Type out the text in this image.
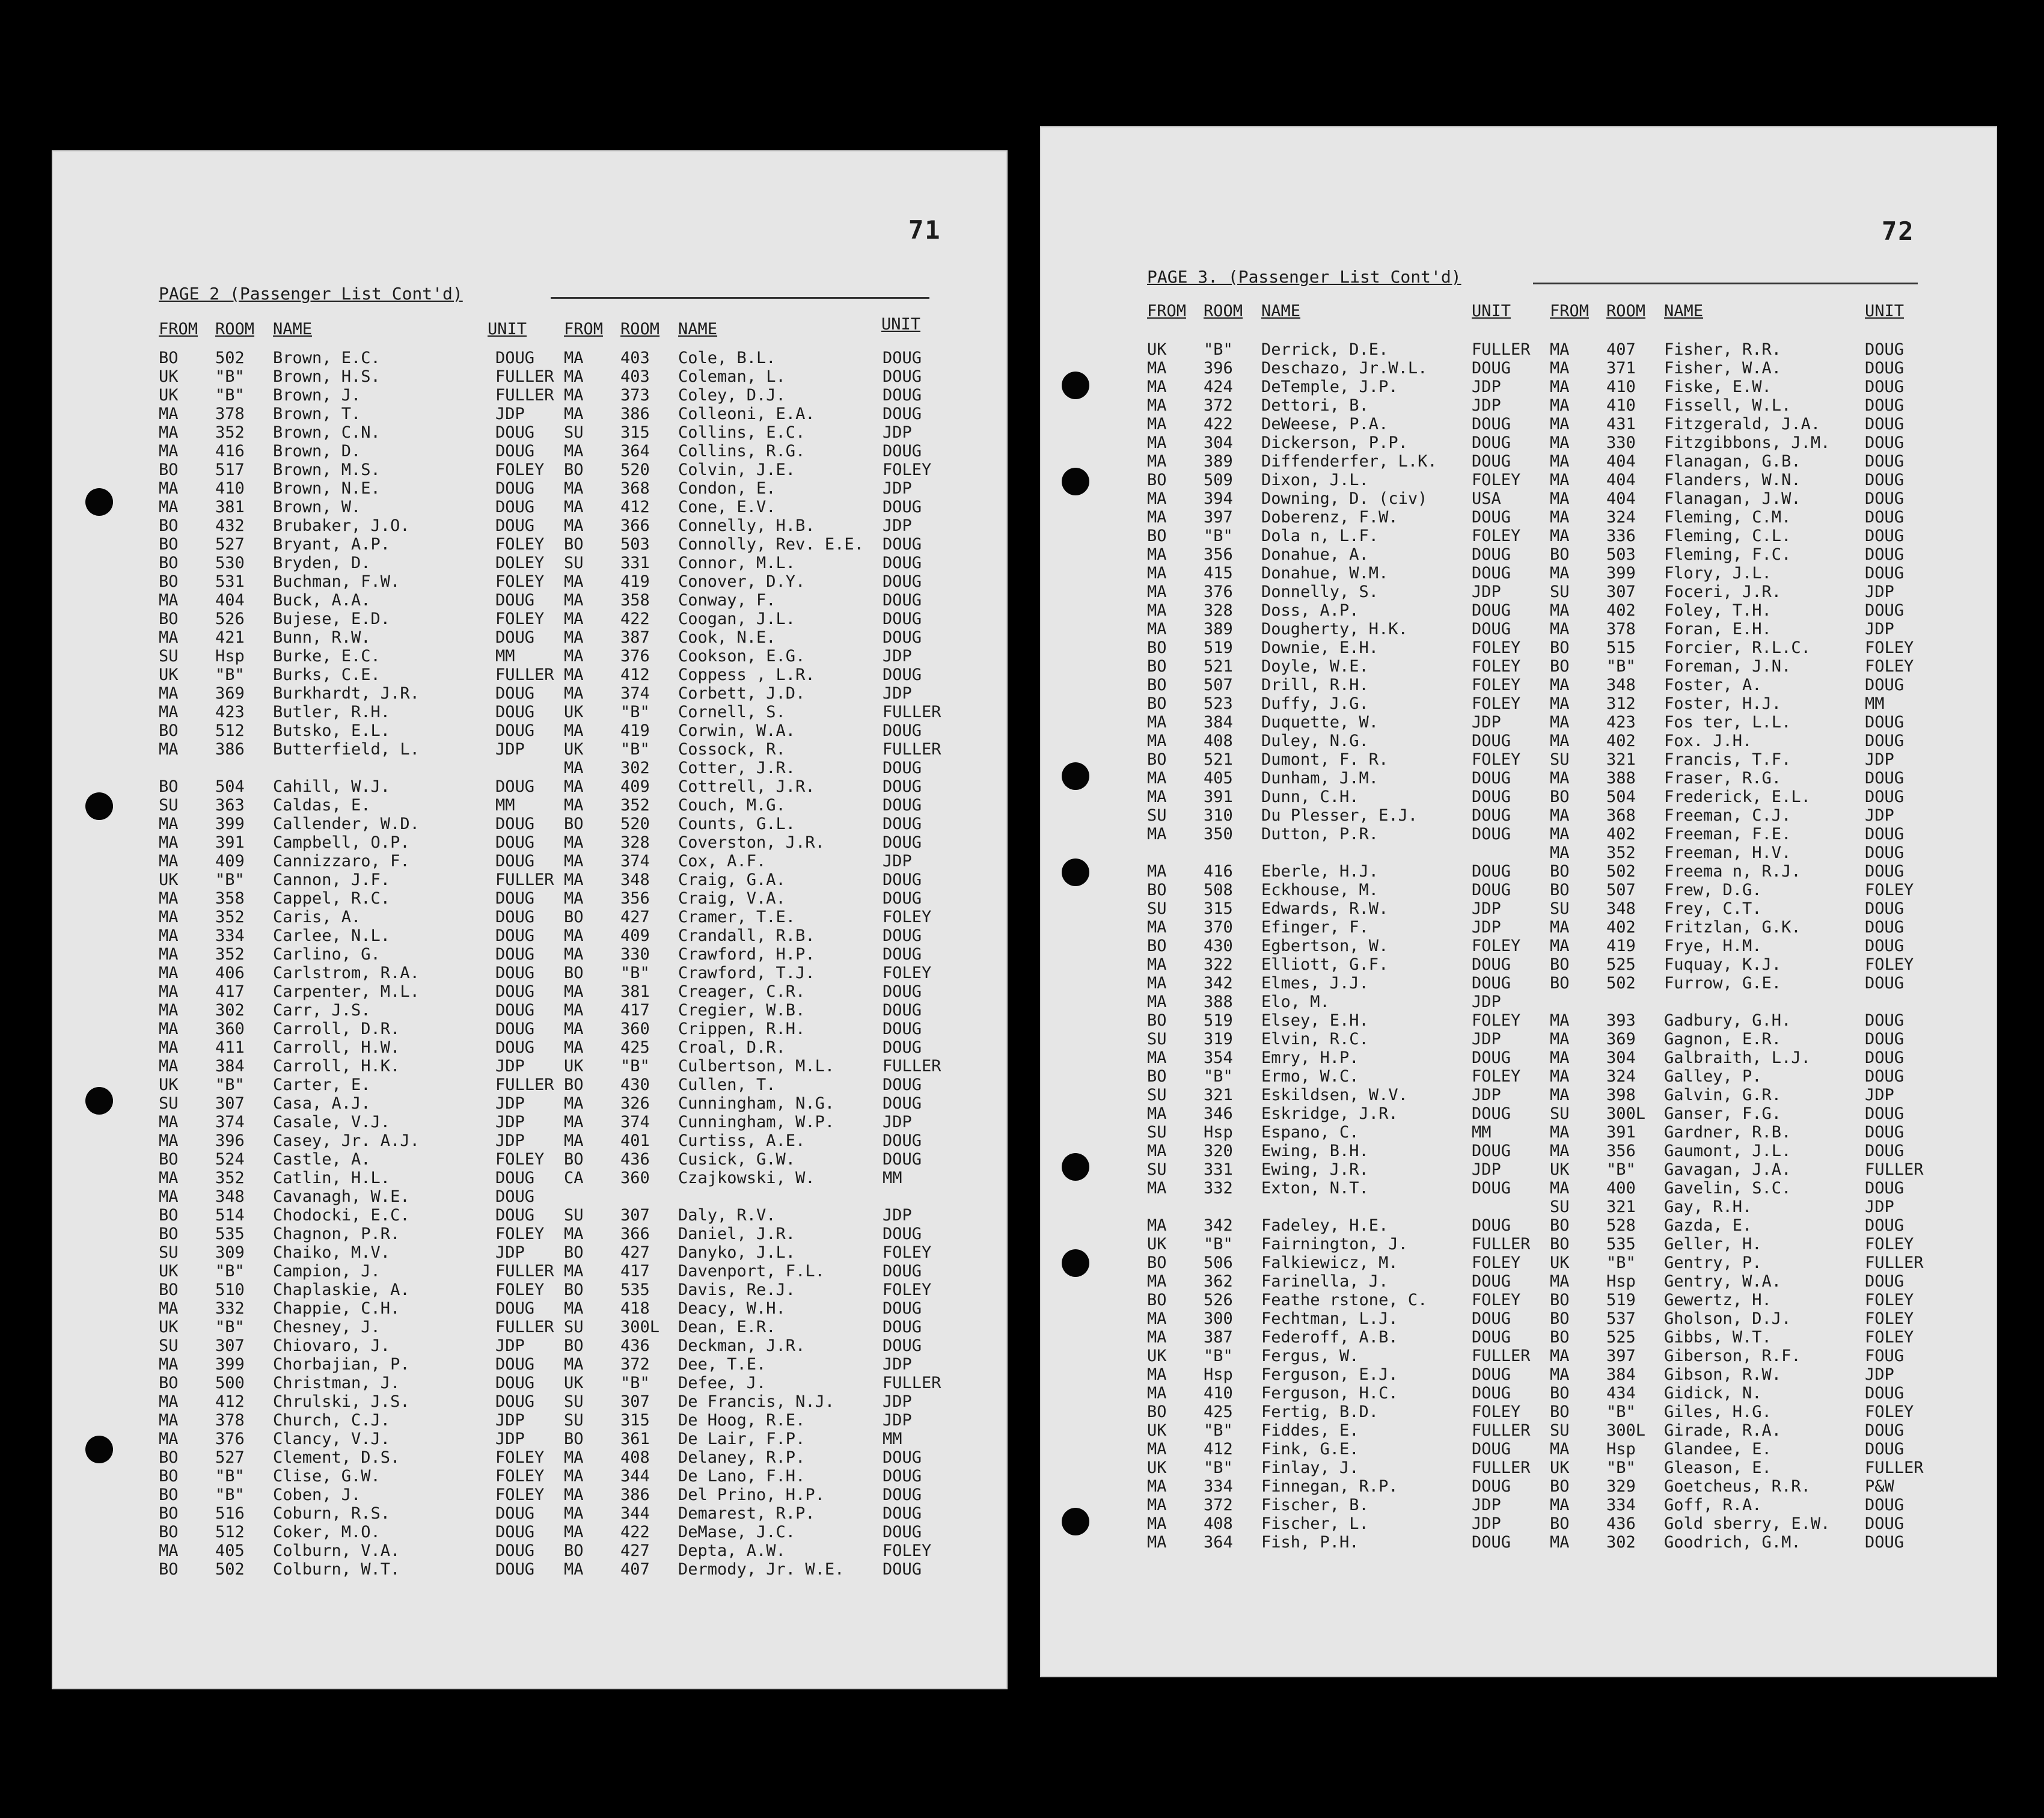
71
PAGE 2 (Passenger List Cont'd)
FROM ROOM NAME	UNIT FROM ROOM NAME	UNIT
BO 502 Brown, E.C.	DOUG MA 403 Cole, B.L.	DOUG
UK "B" Brown, H.S.	FULLER MA 403 Coleman, L.	DOUG
UK "B" Brown, J.	FULLER MA 373 Coley, D.J.	DOUG
MA 378 Brown, T.	JDP MA 386 Colleoni, E.A.	DOUG
MA 352 Brown, C.N.	DOUG SU 315 Collins, E.C.	JDP
MA 416 Brown, D.	DOUG MA 364 Collins, R.G.	DOUG
BO 517 Brown, M.S.	FOLEY BO 520 Colvin, J.E.	FOLEY
MA 410 Brown, N.E.	DOUG MA 368 Condon, E.	JDP
MA 381 Brown, W.	DOUG MA 412 Cone, E.V.	DOUG
BO 432 Brubaker, J.O.	DOUG MA 366 Connelly, H.B.	JDP
BO 527 Bryant, A.P.	FOLEY BO 503 Connolly, Rev. E.E. DOUG
BO 530 Bryden, D.	DOLEY SU 331 Connor, M.L.	DOUG
BO 531 Buchman, F.W.	FOLEY MA 419 Conover, D.Y.	DOUG
MA 404 Buck, A.A.	DOUG MA 358 Conway, F.	DOUG
BO 526 Bujese, E.D.	FOLEY MA 422 Coogan, J.L.	DOUG
MA 421 Bunn, R.W.	DOUG MA 387 Cook, N.E.	DOUG
SU Hsp Burke, E.C.	MM	MA 376 Cookson, E.G.	JDP
UK "B" Burks, C.E.	FULLER MA 412 Coppess , L.R.	DOUG
MA 369 Burkhardt, J.R.	DOUG MA 374 Corbett, J.D.	JDP
MA 423 Butler, R.H.	DOUG UK "B" Cornell, S.	FULLER
BO 512 Butsko, E.L.	DOUG MA 419 Corwin, W.A.	DOUG
MA 386 Butterfield, L.	JDP UK "B" Cossock, R.	FULLER
MA 302 Cotter, J.R.	DOUG
BO 504 Cahill, W.J.	DOUG MA 409 Cottrell, J.R.	DOUG
SU 363 Caldas, E.	MM	MA 352 Couch, M.G.	DOUG
MA 399 Callender, W.D.	DOUG BO 520 Counts, G.L.	DOUG
MA 391 Campbell, O.P.	DOUG MA 328 Coverston, J.R.	DOUG
MA 409 Cannizzaro, F.	DOUG MA 374 Cox, A.F.	JDP
UK "B" Cannon, J.F.	FULLER MA 348 Craig, G.A.	DOUG
MA 358 Cappel, R.C.	DOUG MA 356 Craig, V.A.	DOUG
MA 352 Caris, A.	DOUG BO 427 Cramer, T.E.	FOLEY
MA 334 Carlee, N.L.	DOUG MA 409 Crandall, R.B.	DOUG
MA 352 Carlino, G.	DOUG MA 330 Crawford, H.P.	DOUG
MA 406 Carlstrom, R.A.	DOUG BO "B" Crawford, T.J.	FOLEY
MA 417 Carpenter, M.L.	DOUG MA 381 Creager, C.R.	DOUG
MA 302 Carr, J.S.	DOUG MA 417 Cregier, W.B.	DOUG
MA 360 Carroll, D.R.	DOUG MA 360 Crippen, R.H.	DOUG
MA 411 Carroll, H.W.	DOUG MA 425 Croal, D.R.	DOUG
MA 384 Carroll, H.K.	JDP UK "B" Culbertson, M.L.	FULLER
UK "B" Carter, E.	FULLER BO 430 Cullen, T.	DOUG
SU 307 Casa, A.J.	JDP MA 326 Cunningham, N.G.	DOUG
MA 374 Casale, V.J.	JDP MA 374 Cunningham, W.P.	JDP
MA 396 Casey, Jr. A.J.	JDP MA 401 Curtiss, A.E.	DOUG
BO 524 Castle, A.	FOLEY BO 436 Cusick, G.W.	DOUG
MA 352 Catlin, H.L.	DOUG CA 360 Czajkowski, W.	MM
MA 348 Cavanagh, W.E.	DOUG
BO 514 Chodocki, E.C.	DOUG SU 307 Daly, R.V.	JDP
BO 535 Chagnon, P.R.	FOLEY MA 366 Daniel, J.R.	DOUG
SU 309 Chaiko, M.V.	JDP BO 427 Danyko, J.L.	FOLEY
UK "B" Campion, J.	FULLER MA 417 Davenport, F.L.	DOUG
BO 510 Chaplaskie, A.	FOLEY BO 535 Davis, Re.J.	FOLEY
MA 332 Chappie, C.H.	DOUG MA 418 Deacy, W.H.	DOUG
UK "B" Chesney, J.	FULLER SU 300L Dean, E.R.	DOUG
SU 307 Chiovaro, J.	JDP BO 436 Deckman, J.R.	DOUG
MA 399 Chorbajian, P.	DOUG MA 372 Dee, T.E.	JDP
BO 500 Christman, J.	DOUG UK "B" Defee, J.	FULLER
MA 412 Chrulski, J.S.	DOUG SU 307 De Francis, N.J.	JDP
MA 378 Church, C.J.	JDP SU 315 De Hoog, R.E.	JDP
MA 376 Clancy, V.J.	JDP BO 361 De Lair, F.P.	MM
BO 527 Clement, D.S.	FOLEY MA 408 Delaney, R.P.	DOUG
BO "B" Clise, G.W.	FOLEY MA 344 De Lano, F.H.	DOUG
BO "B" Coben, J.	FOLEY MA 386 Del Prino, H.P.	DOUG
BO 516 Coburn, R.S.	DOUG MA 344 Demarest, R.P.	DOUG
BO 512 Coker, M.O.	DOUG MA 422 DeMase, J.C.	DOUG
MA 405 Colburn, V.A.	DOUG BO 427 Depta, A.W.	FOLEY
BO 502 Colburn, W.T.	DOUG MA 407 Dermody, Jr. W.E. DOUG
72
PAGE 3. (Passenger List Cont'd)
FROM ROOM NAME	UNIT FROM ROOM NAME	UNIT
UK "B" Derrick, D.E.	FULLER MA 407 Fisher, R.R.	DOUG
MA 396 Deschazo, Jr.W.L.	DOUG MA 371 Fisher, W.A.	DOUG
MA 424 DeTemple, J.P.	JDP	MA 410 Fiske, E.W.	DOUG
MA 372 Dettori, B.	JDP	MA 410 Fissell, W.L.	DOUG
MA 422 DeWeese, P.A.	DOUG MA 431 Fitzgerald, J.A.	DOUG
MA 304 Dickerson, P.P.	DOUG MA 330 Fitzgibbons, J.M. DOUG
MA 389 Diffenderfer, L.K. DOUG MA 404 Flanagan, G.B.	DOUG
BO 509 Dixon, J.L.	FOLEY MA 404 Flanders, W.N.	DOUG
MA 394 Downing, D. (civ)	USA	MA 404 Flanagan, J.W.	DOUG
MA 397 Doberenz, F.W.	DOUG MA 324 Fleming, C.M.	DOUG
BO "B" Dola n, L.F.	FOLEY MA 336 Fleming, C.L.	DOUG
MA 356 Donahue, A.	DOUG BO 503 Fleming, F.C.	DOUG
MA 415 Donahue, W.M.	DOUG MA 399 Flory, J.L.	DOUG
MA 376 Donnelly, S.	JDP	SU 307 Foceri, J.R.	JDP
MA 328 Doss, A.P.	DOUG MA 402 Foley, T.H.	DOUG
MA 389 Dougherty, H.K.	DOUG MA 378 Foran, E.H.	JDP
BO 519 Downie, E.H.	FOLEY BO 515 Forcier, R.L.C.	FOLEY
BO 521 Doyle, W.E.	FOLEY BO "B" Foreman, J.N.	FOLEY
BO 507 Drill, R.H.	FOLEY MA 348 Foster, A.	DOUG
BO 523 Duffy, J.G.	FOLEY MA 312 Foster, H.J.	MM
MA 384 Duquette, W.	JDP	MA 423 Fos ter, L.L.	DOUG
MA 408 Duley, N.G.	DOUG MA 402 Fox. J.H.	DOUG
BO 521 Dumont, F. R.	FOLEY SU 321 Francis, T.F.	JDP
MA 405 Dunham, J.M.	DOUG MA 388 Fraser, R.G.	DOUG
MA 391 Dunn, C.H.	DOUG BO 504 Frederick, E.L.	DOUG
SU 310 Du Plesser, E.J.	DOUG MA 368 Freeman, C.J.	JDP
MA 350 Dutton, P.R.	DOUG MA 402 Freeman, F.E.	DOUG
MA 352 Freeman, H.V.	DOUG
MA 416 Eberle, H.J.	DOUG BO 502 Freema n, R.J.	DOUG
BO 508 Eckhouse, M.	DOUG BO 507 Frew, D.G.	FOLEY
SU 315 Edwards, R.W.	JDP	SU 348 Frey, C.T.	DOUG
MA 370 Efinger, F.	JDP	MA 402 Fritzlan, G.K.	DOUG
BO 430 Egbertson, W.	FOLEY MA 419 Frye, H.M.	DOUG
MA 322 Elliott, G.F.	DOUG BO 525 Fuquay, K.J.	FOLEY
MA 342 Elmes, J.J.	DOUG BO 502 Furrow, G.E.	DOUG
MA 388 Elo, M.	JDP
BO 519 Elsey, E.H.	FOLEY MA 393 Gadbury, G.H.	DOUG
SU 319 Elvin, R.C.	JDP	MA 369 Gagnon, E.R.	DOUG
MA 354 Emry, H.P.	DOUG MA 304 Galbraith, L.J.	DOUG
BO "B" Ermo, W.C.	FOLEY MA 324 Galley, P.	DOUG
SU 321 Eskildsen, W.V.	JDP	MA 398 Galvin, G.R.	JDP
MA 346 Eskridge, J.R.	DOUG SU 300L Ganser, F.G.	DOUG
SU Hsp Espano, C.	MM	MA 391 Gardner, R.B.	DOUG
MA 320 Ewing, B.H.	DOUG MA 356 Gaumont, J.L.	DOUG
SU 331 Ewing, J.R.	JDP	UK "B" Gavagan, J.A.	FULLER
MA 332 Exton, N.T.	DOUG MA 400 Gavelin, S.C.	DOUG
SU 321 Gay, R.H.	JDP
MA 342 Fadeley, H.E.	DOUG BO 528 Gazda, E.	DOUG
UK "B" Fairnington, J.	FULLER BO 535 Geller, H.	FOLEY
BO 506 Falkiewicz, M.	FOLEY UK "B" Gentry, P.	FULLER
MA 362 Farinella, J.	DOUG MA Hsp Gentry, W.A.	DOUG
BO 526 Feathe rstone, C.	FOLEY BO 519 Gewertz, H.	FOLEY
MA 300 Fechtman, L.J.	DOUG BO 537 Gholson, D.J.	FOLEY
MA 387 Federoff, A.B.	DOUG BO 525 Gibbs, W.T.	FOLEY
UK "B" Fergus, W.	FULLER MA 397 Giberson, R.F.	FOUG
MA Hsp Ferguson, E.J.	DOUG MA 384 Gibson, R.W.	JDP
MA 410 Ferguson, H.C.	DOUG BO 434 Gidick, N.	DOUG
BO 425 Fertig, B.D.	FOLEY BO "B" Giles, H.G.	FOLEY
UK "B" Fiddes, E.	FULLER SU 300L Girade, R.A.	DOUG
MA 412 Fink, G.E.	DOUG MA Hsp Glandee, E.	DOUG
UK "B" Finlay, J.	FULLER UK "B" Gleason, E.	FULLER
MA 334 Finnegan, R.P.	DOUG BO 329 Goetcheus, R.R.	P&W
MA 372 Fischer, B.	JDP	MA 334 Goff, R.A.	DOUG
MA 408 Fischer, L.	JDP	BO 436 Gold sberry, E.W. DOUG
MA 364 Fish, P.H.	DOUG MA 302 Goodrich, G.M.	DOUG
